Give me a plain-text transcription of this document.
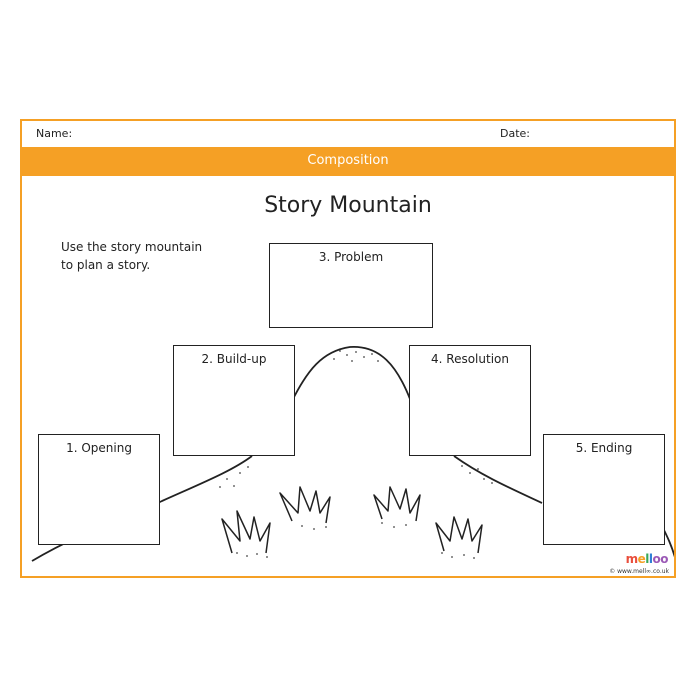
Name:	Date:
Composition
Story Mountain
Use the story mountain
to plan a story.
1. Opening
2. Build-up
3. Problem
4. Resolution
5. Ending
melloo
© www.mell∞.co.uk
